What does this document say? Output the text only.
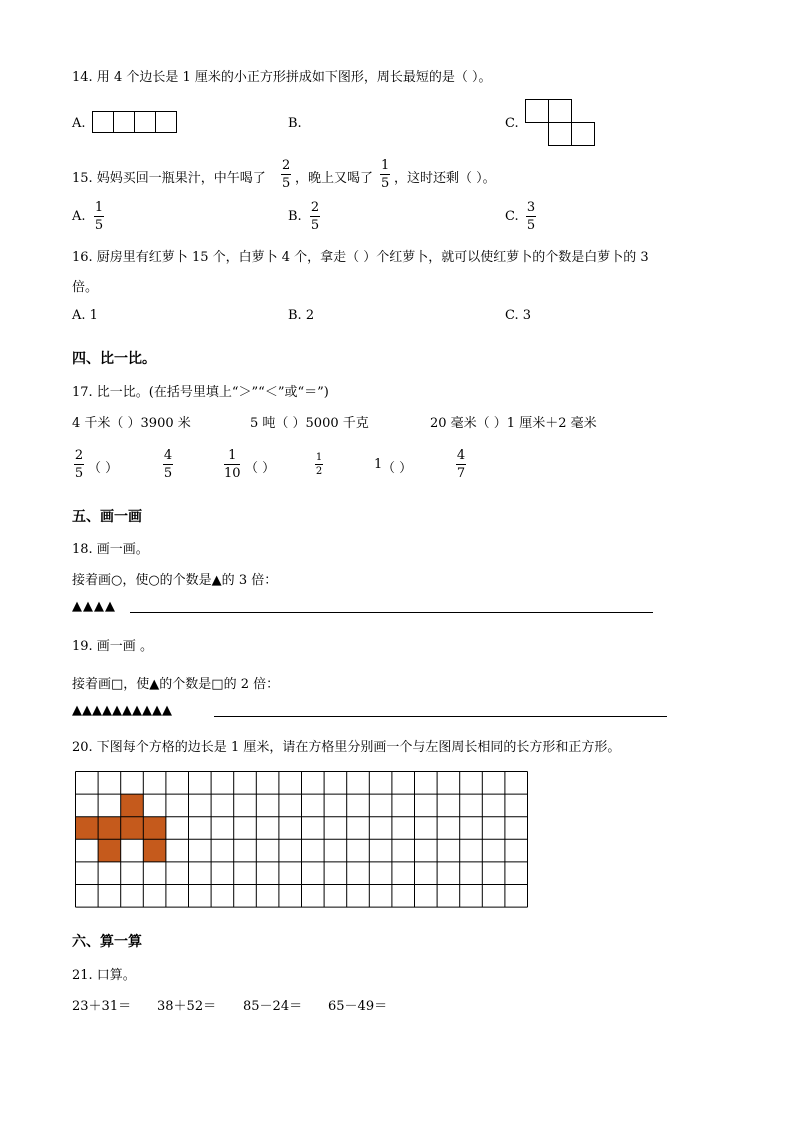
14. 用 4 个边长是 1 厘米的小正方形拼成如下图形，周长最短的是（ ）。
A.	B.	C.
15. 妈妈买回一瓶果汁，中午喝了
2
5 ，晚上又喝了
1
5 ，这时还剩（ ）。
A.
1
5
B.
2
5
C.
3
5
16. 厨房里有红萝卜 15 个，白萝卜 4 个，拿走（ ）个红萝卜，就可以使红萝卜的个数是白萝卜的 3
倍。
A. 1	B. 2	C. 3
四、比一比。
17. 比一比。(在括号里填上“＞”“＜”或“＝”)
4 千米（ ）3900 米	5 吨（ ）5000 千克	20 毫米（ ）1 厘米＋2 毫米
2
5 （ ）
4
5
1
10 （ ）
1
2	1 （ ）
4
7
五、画一画
18. 画一画。
接着画○，使○的个数是▲的 3 倍：
▲▲▲▲
19. 画一画 。
接着画□，使▲的个数是□的 2 倍：
▲▲▲▲▲▲▲▲▲▲
20. 下图每个方格的边长是 1 厘米，请在方格里分别画一个与左图周长相同的长方形和正方形。
六、算一算
21. 口算。
23＋31＝ 38＋52＝ 85－24＝ 65－49＝
